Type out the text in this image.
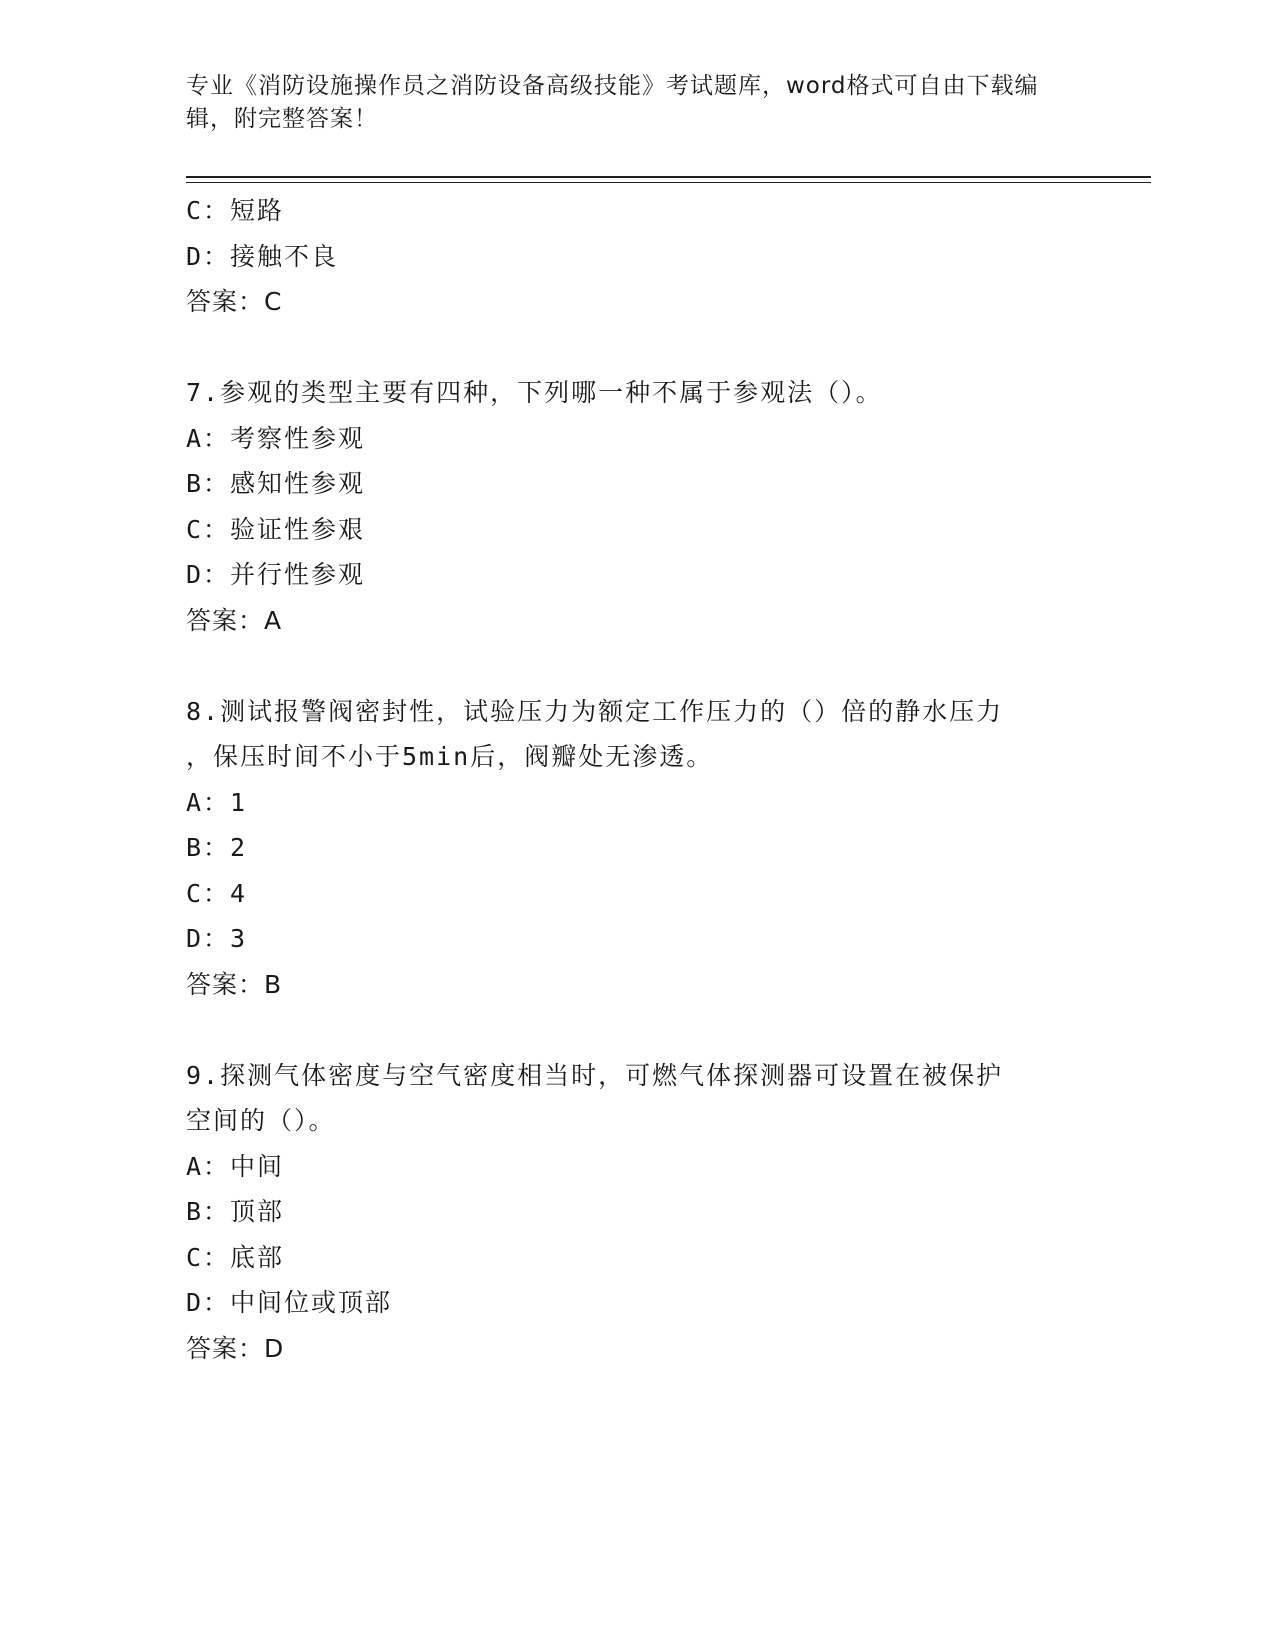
专业《消防设施操作员之消防设备高级技能》考试题库，word格式可自由下载编
辑，附完整答案！
C：短路
D：接触不良
答案：C
7.参观的类型主要有四种，下列哪一种不属于参观法（）。
A：考察性参观
B：感知性参观
C：验证性参艰
D：并行性参观
答案：A
8.测试报警阀密封性，试验压力为额定工作压力的（）倍的静水压力
，保压时间不小于5min后，阀瓣处无渗透。
A：1
B：2
C：4
D：3
答案：B
9.探测气体密度与空气密度相当时，可燃气体探测器可设置在被保护
空间的（）。
A：中间
B：顶部
C：底部
D：中间位或顶部
答案：D
